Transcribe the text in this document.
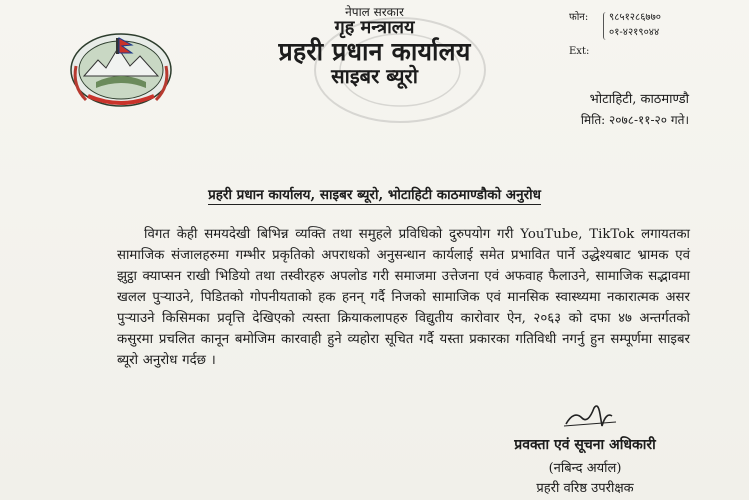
नेपाल सरकार
गृह मन्त्रालय
प्रहरी प्रधान कार्यालय
साइबर ब्यूरो
फोन:	९८५१२८६७७०
०१-४२१९०४४
Ext:
भोटाहिटी, काठमाण्डौ
मिति: २०७८-११-२० गते।
प्रहरी प्रधान कार्यालय, साइबर ब्यूरो, भोटाहिटी काठमाण्डौको अनुरोध
विगत केही समयदेखी बिभिन्न व्यक्ति तथा समुहले प्रविधिको दुरुपयोग गरी YouTube, TikTok लगायतका सामाजिक संजालहरुमा गम्भीर प्रकृतिको अपराधको अनुसन्धान कार्यलाई समेत प्रभावित पार्ने उद्धेश्यबाट भ्रामक एवं झुट्ठा क्याप्सन राखी भिडियो तथा तस्वीरहरु अपलोड गरी समाजमा उत्तेजना एवं अफवाह फैलाउने, सामाजिक सद्भावमा खलल पुऱ्याउने, पिडितको गोपनीयताको हक हनन् गर्दै निजको सामाजिक एवं मानसिक स्वास्थ्यमा नकारात्मक असर पुऱ्याउने किसिमका प्रवृत्ति देखिएको त्यस्ता क्रियाकलापहरु विद्युतीय कारोवार ऐन, २०६३ को दफा ४७ अन्तर्गतको कसुरमा प्रचलित कानून बमोजिम कारवाही हुने व्यहोरा सूचित गर्दै यस्ता प्रकारका गतिविधी नगर्नु हुन सम्पूर्णमा साइबर ब्यूरो अनुरोध गर्दछ ।
प्रवक्ता एवं सूचना अधिकारी
(नबिन्द अर्याल)
प्रहरी वरिष्ठ उपरीक्षक
